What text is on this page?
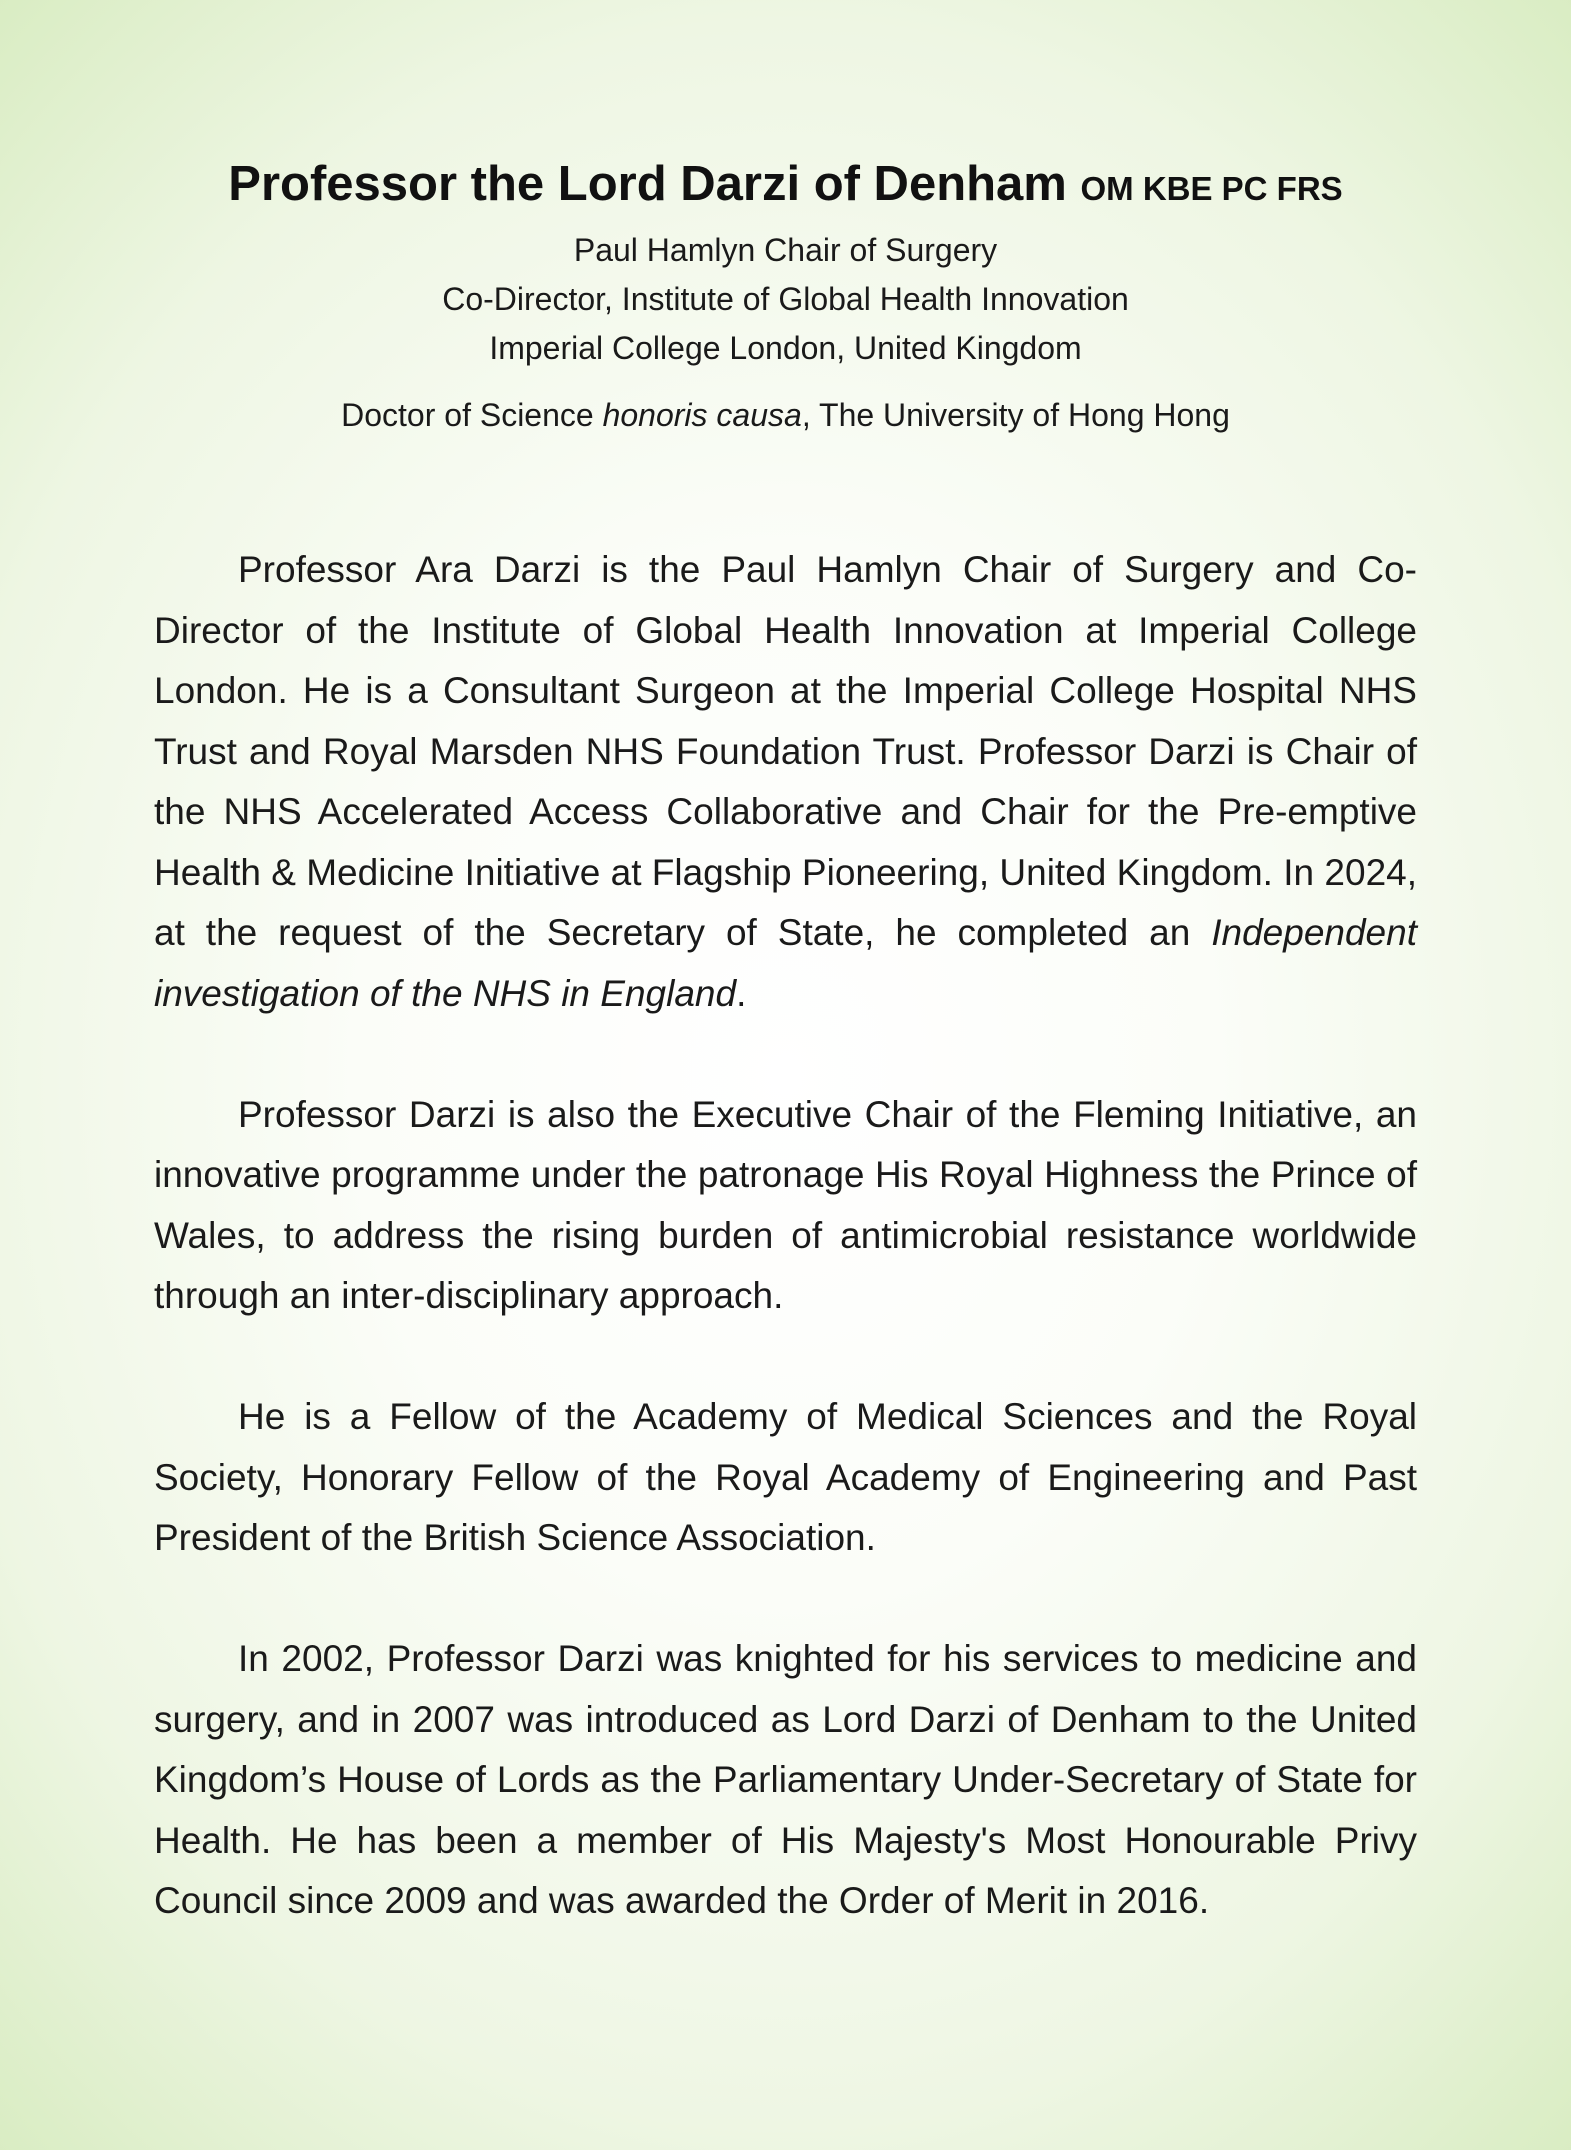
Professor the Lord Darzi of Denham OM KBE PC FRS
Paul Hamlyn Chair of Surgery
Co-Director, Institute of Global Health Innovation
Imperial College London, United Kingdom
Doctor of Science honoris causa, The University of Hong Hong

Professor Ara Darzi is the Paul Hamlyn Chair of Surgery and Co-Director of the Institute of Global Health Innovation at Imperial College London. He is a Consultant Surgeon at the Imperial College Hospital NHS Trust and Royal Marsden NHS Foundation Trust. Professor Darzi is Chair of the NHS Accelerated Access Collaborative and Chair for the Pre-emptive Health & Medicine Initiative at Flagship Pioneering, United Kingdom. In 2024, at the request of the Secretary of State, he completed an Independent investigation of the NHS in England.

Professor Darzi is also the Executive Chair of the Fleming Initiative, an innovative programme under the patronage His Royal Highness the Prince of Wales, to address the rising burden of antimicrobial resistance worldwide through an inter-disciplinary approach.

He is a Fellow of the Academy of Medical Sciences and the Royal Society, Honorary Fellow of the Royal Academy of Engineering and Past President of the British Science Association.

In 2002, Professor Darzi was knighted for his services to medicine and surgery, and in 2007 was introduced as Lord Darzi of Denham to the United Kingdom’s House of Lords as the Parliamentary Under-Secretary of State for Health. He has been a member of His Majesty's Most Honourable Privy Council since 2009 and was awarded the Order of Merit in 2016.
